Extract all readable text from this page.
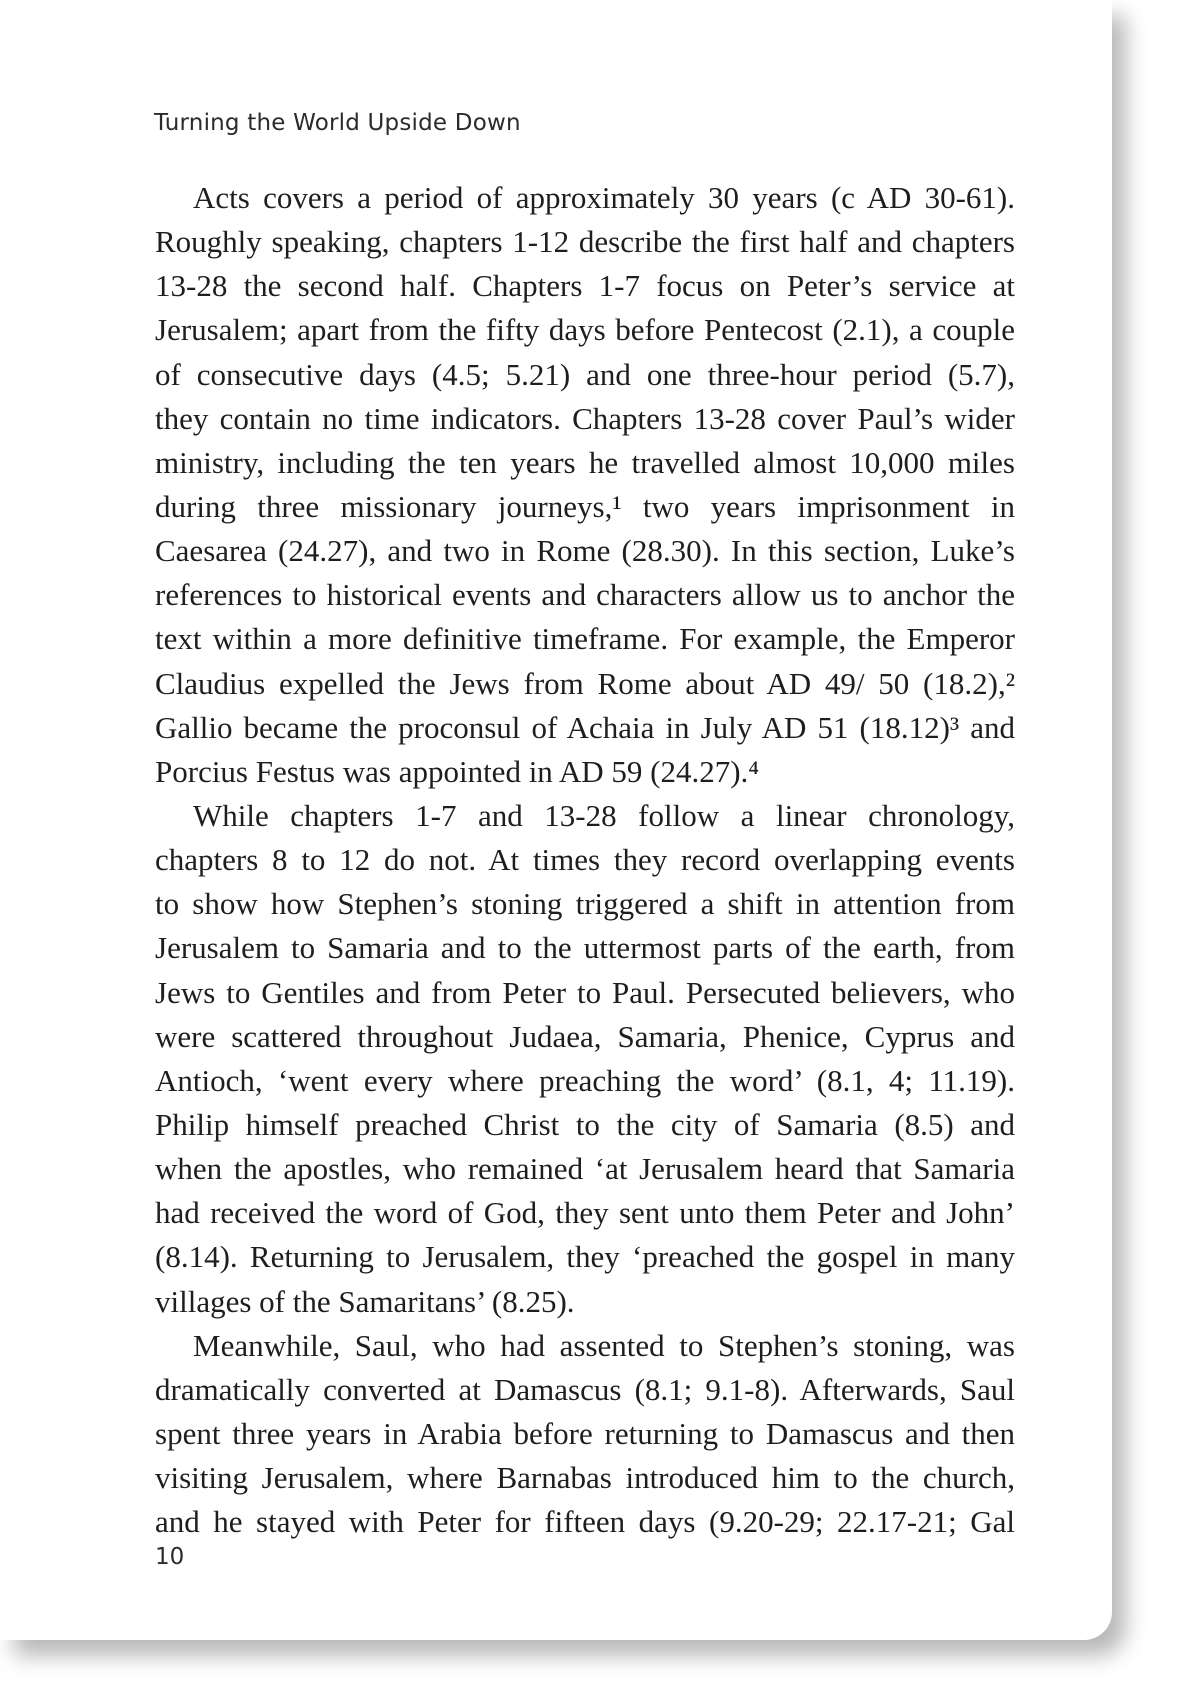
Turning the World Upside Down
Acts covers a period of approximately 30 years (c AD 30-61).
Roughly speaking, chapters 1-12 describe the first half and chapters
13-28 the second half. Chapters 1-7 focus on Peter’s service at
Jerusalem; apart from the fifty days before Pentecost (2.1), a couple
of consecutive days (4.5; 5.21) and one three-hour period (5.7),
they contain no time indicators. Chapters 13-28 cover Paul’s wider
ministry, including the ten years he travelled almost 10,000 miles
during three missionary journeys,¹ two years imprisonment in
Caesarea (24.27), and two in Rome (28.30). In this section, Luke’s
references to historical events and characters allow us to anchor the
text within a more definitive timeframe. For example, the Emperor
Claudius expelled the Jews from Rome about AD 49/ 50 (18.2),²
Gallio became the proconsul of Achaia in July AD 51 (18.12)³ and
Porcius Festus was appointed in AD 59 (24.27).⁴
While chapters 1-7 and 13-28 follow a linear chronology,
chapters 8 to 12 do not. At times they record overlapping events
to show how Stephen’s stoning triggered a shift in attention from
Jerusalem to Samaria and to the uttermost parts of the earth, from
Jews to Gentiles and from Peter to Paul. Persecuted believers, who
were scattered throughout Judaea, Samaria, Phenice, Cyprus and
Antioch, ‘went every where preaching the word’ (8.1, 4; 11.19).
Philip himself preached Christ to the city of Samaria (8.5) and
when the apostles, who remained ‘at Jerusalem heard that Samaria
had received the word of God, they sent unto them Peter and John’
(8.14). Returning to Jerusalem, they ‘preached the gospel in many
villages of the Samaritans’ (8.25).
Meanwhile, Saul, who had assented to Stephen’s stoning, was
dramatically converted at Damascus (8.1; 9.1-8). Afterwards, Saul
spent three years in Arabia before returning to Damascus and then
visiting Jerusalem, where Barnabas introduced him to the church,
and he stayed with Peter for fifteen days (9.20-29; 22.17-21; Gal
10
